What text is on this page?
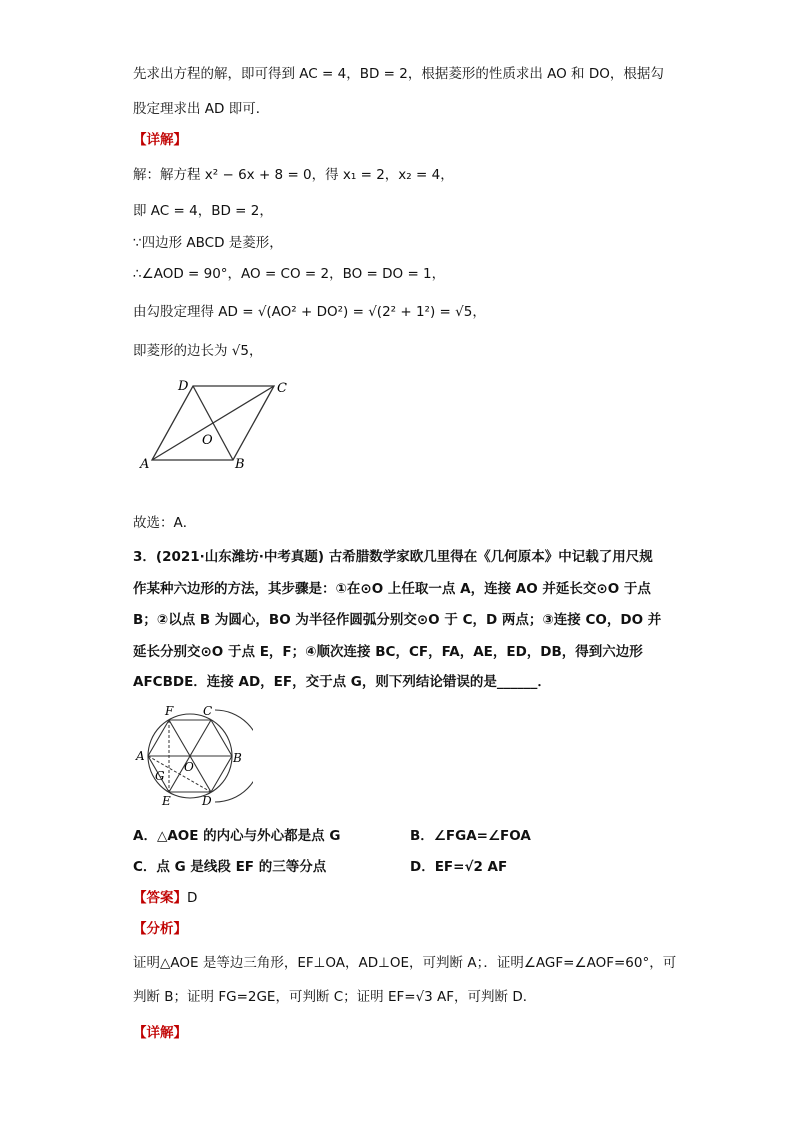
先求出方程的解，即可得到 AC = 4，BD = 2，根据菱形的性质求出 AO 和 DO，根据勾
股定理求出 AD 即可．
【详解】
解：解方程 x² − 6x + 8 = 0，得 x₁ = 2，x₂ = 4，
即 AC = 4，BD = 2，
∵四边形 ABCD 是菱形，
∴∠AOD = 90°，AO = CO = 2，BO = DO = 1，
由勾股定理得 AD = √(AO² + DO²) = √(2² + 1²) = √5，
即菱形的边长为 √5，
A	B
C
D
O
故选：A．
3．(2021·山东潍坊·中考真题) 古希腊数学家欧几里得在《几何原本》中记载了用尺规
作某种六边形的方法，其步骤是：①在⊙O 上任取一点 A，连接 AO 并延长交⊙O 于点
B；②以点 B 为圆心，BO 为半径作圆弧分别交⊙O 于 C，D 两点；③连接 CO，DO 并
延长分别交⊙O 于点 E，F；④顺次连接 BC，CF，FA，AE，ED，DB，得到六边形
AFCBDE．连接 AD，EF，交于点 G，则下列结论错误的是______．
A	B
C
D
E
F
G
O
A．△AOE 的内心与外心都是点 G	B．∠FGA=∠FOA
C．点 G 是线段 EF 的三等分点	D．EF=√2 AF
【答案】D
【分析】
证明△AOE 是等边三角形，EF⊥OA，AD⊥OE，可判断 A；．证明∠AGF=∠AOF=60°，可
判断 B；证明 FG=2GE，可判断 C；证明 EF=√3 AF，可判断 D．
【详解】
